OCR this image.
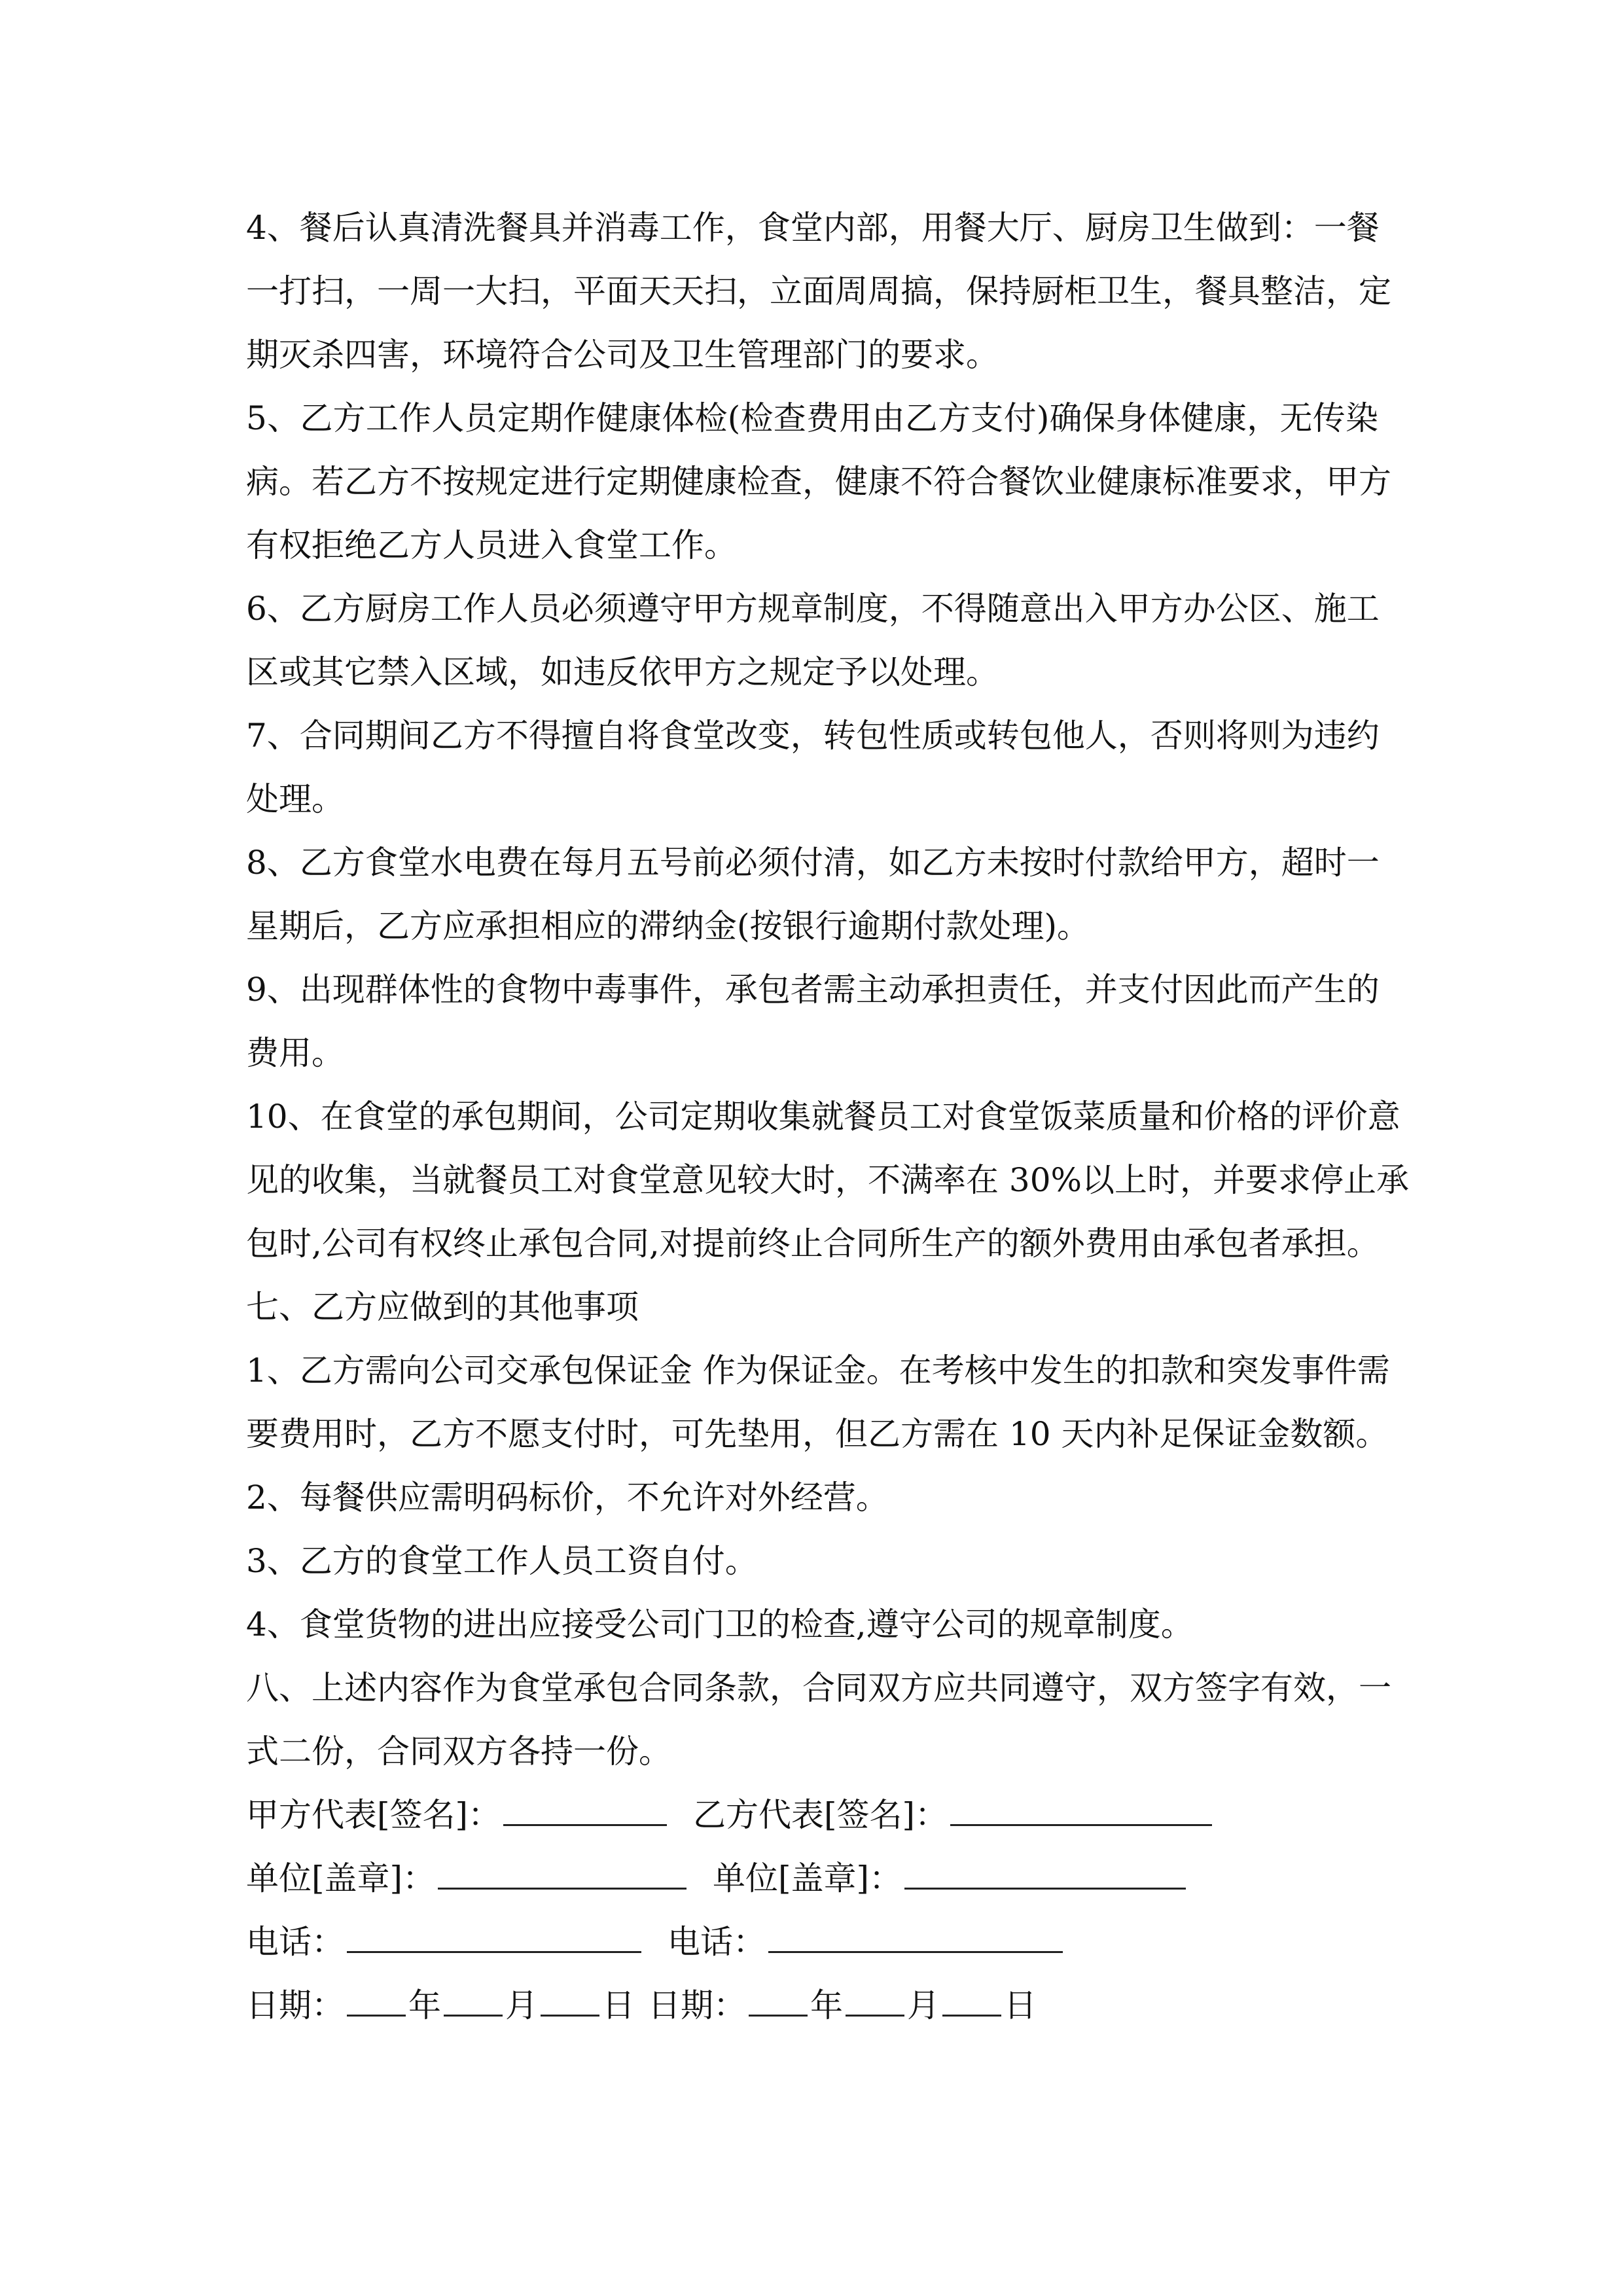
4、餐后认真清洗餐具并消毒工作，食堂内部，用餐大厅、厨房卫生做到：一餐
一打扫，一周一大扫，平面天天扫，立面周周搞，保持厨柜卫生，餐具整洁，定
期灭杀四害，环境符合公司及卫生管理部门的要求。
5、乙方工作人员定期作健康体检(检查费用由乙方支付)确保身体健康，无传染
病。若乙方不按规定进行定期健康检查，健康不符合餐饮业健康标准要求，甲方
有权拒绝乙方人员进入食堂工作。
6、乙方厨房工作人员必须遵守甲方规章制度，不得随意出入甲方办公区、施工
区或其它禁入区域，如违反依甲方之规定予以处理。
7、合同期间乙方不得擅自将食堂改变，转包性质或转包他人，否则将则为违约
处理。
8、乙方食堂水电费在每月五号前必须付清，如乙方未按时付款给甲方，超时一
星期后，乙方应承担相应的滞纳金(按银行逾期付款处理)。
9、出现群体性的食物中毒事件，承包者需主动承担责任，并支付因此而产生的
费用。
10、在食堂的承包期间，公司定期收集就餐员工对食堂饭菜质量和价格的评价意
见的收集，当就餐员工对食堂意见较大时，不满率在 30%以上时，并要求停止承
包时,公司有权终止承包合同,对提前终止合同所生产的额外费用由承包者承担。
七、乙方应做到的其他事项
1、乙方需向公司交承包保证金 作为保证金。在考核中发生的扣款和突发事件需
要费用时，乙方不愿支付时，可先垫用，但乙方需在 10 天内补足保证金数额。
2、每餐供应需明码标价，不允许对外经营。
3、乙方的食堂工作人员工资自付。
4、食堂货物的进出应接受公司门卫的检查,遵守公司的规章制度。
八、上述内容作为食堂承包合同条款，合同双方应共同遵守，双方签字有效，一
式二份，合同双方各持一份。
甲方代表[签名]：	乙方代表[签名]：
单位[盖章]：	单位[盖章]：
电话：	电话：
日期： 年 月 日 日期： 年 月 日
